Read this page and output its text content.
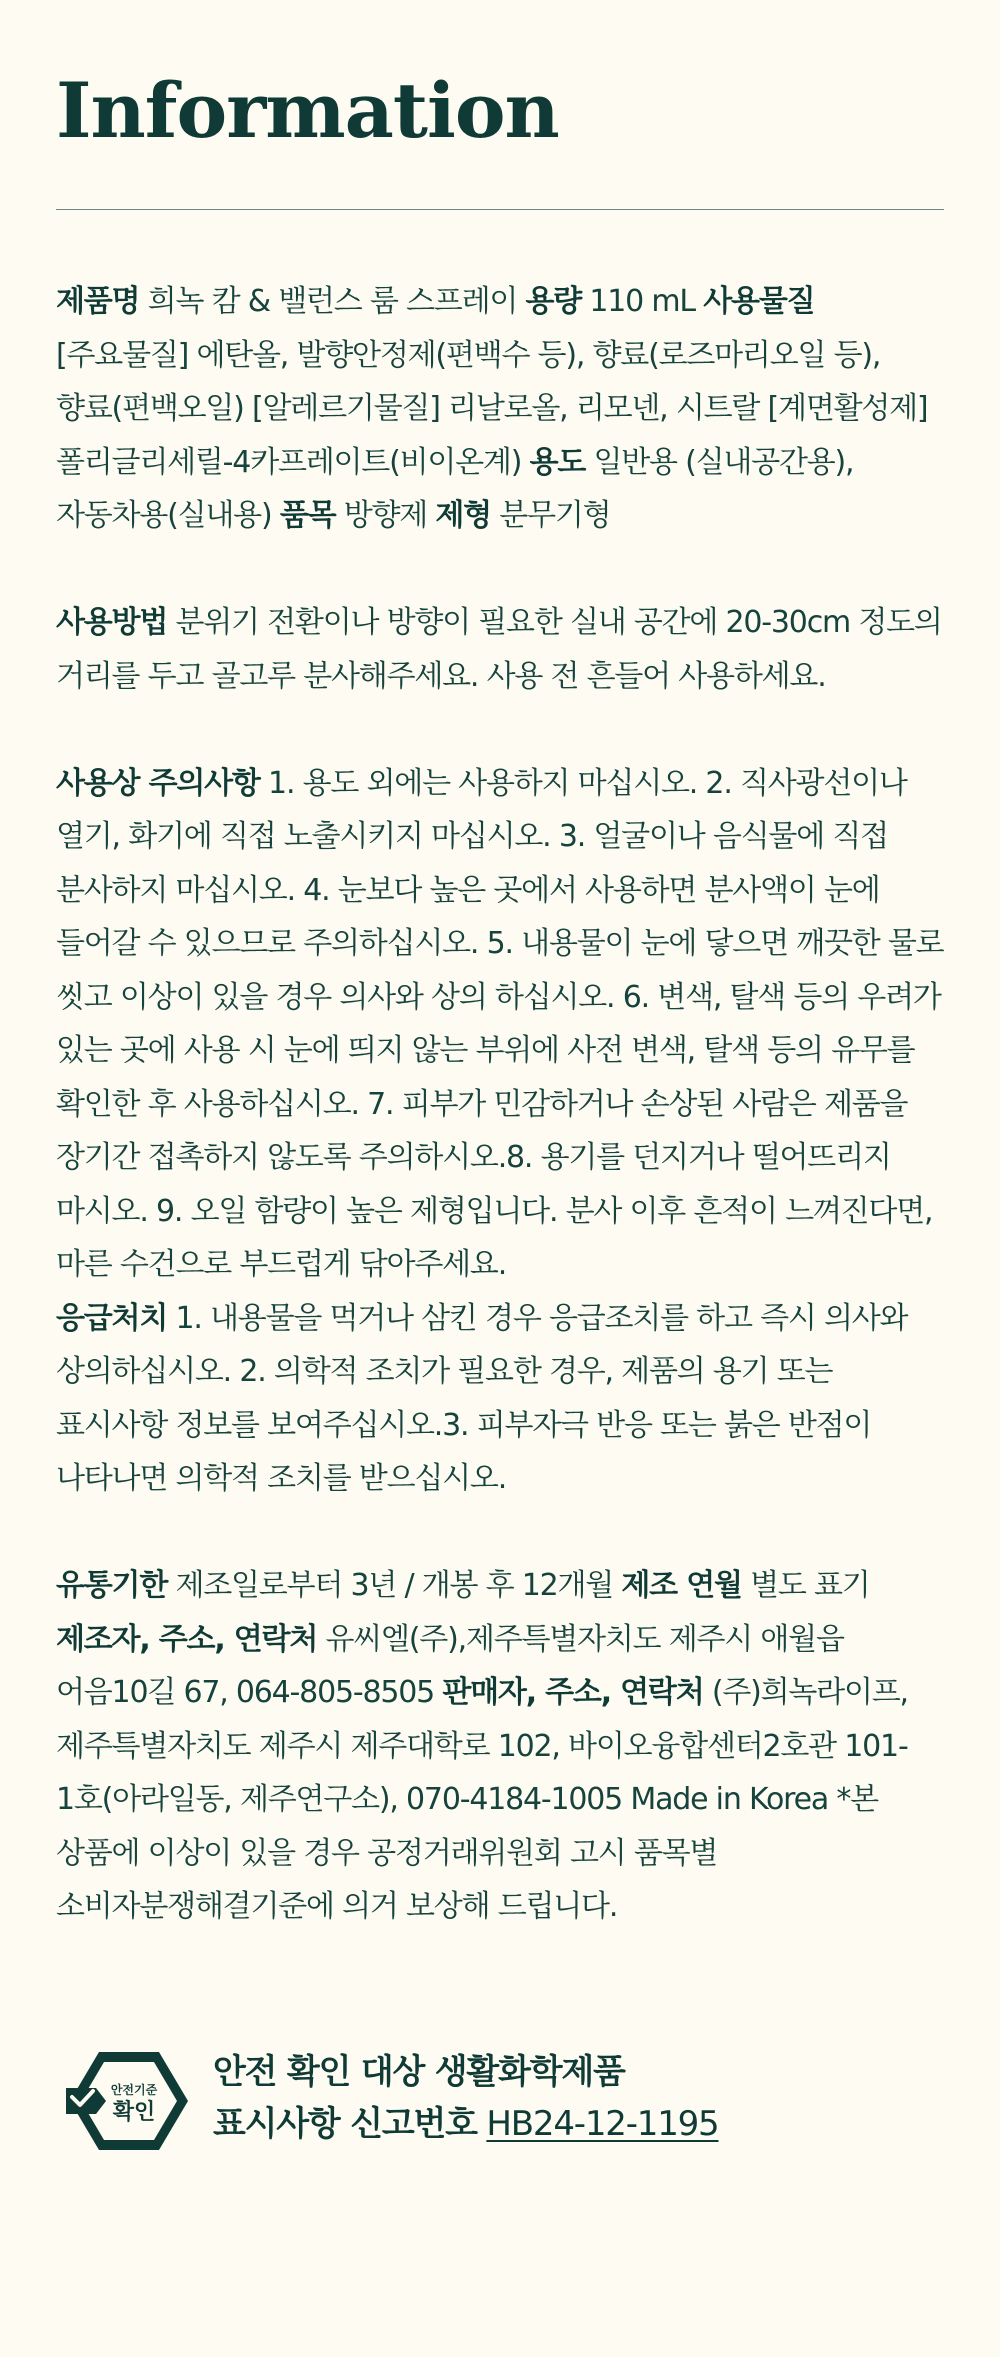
Information

제품명 희녹 캄 & 밸런스 룸 스프레이 용량 110 mL 사용물질 [주요물질] 에탄올, 발향안정제(편백수 등), 향료(로즈마리오일 등), 향료(편백오일) [알레르기물질] 리날로올, 리모넨, 시트랄 [계면활성제] 폴리글리세릴-4카프레이트(비이온계) 용도 일반용 (실내공간용), 자동차용(실내용) 품목 방향제 제형 분무기형

사용방법 분위기 전환이나 방향이 필요한 실내 공간에 20-30cm 정도의 거리를 두고 골고루 분사해주세요. 사용 전 흔들어 사용하세요.

사용상 주의사항 1. 용도 외에는 사용하지 마십시오. 2. 직사광선이나 열기, 화기에 직접 노출시키지 마십시오. 3. 얼굴이나 음식물에 직접 분사하지 마십시오. 4. 눈보다 높은 곳에서 사용하면 분사액이 눈에 들어갈 수 있으므로 주의하십시오. 5. 내용물이 눈에 닿으면 깨끗한 물로 씻고 이상이 있을 경우 의사와 상의 하십시오. 6. 변색, 탈색 등의 우려가 있는 곳에 사용 시 눈에 띄지 않는 부위에 사전 변색, 탈색 등의 유무를 확인한 후 사용하십시오. 7. 피부가 민감하거나 손상된 사람은 제품을 장기간 접촉하지 않도록 주의하시오.8. 용기를 던지거나 떨어뜨리지 마시오. 9. 오일 함량이 높은 제형입니다. 분사 이후 흔적이 느껴진다면, 마른 수건으로 부드럽게 닦아주세요.

응급처치 1. 내용물을 먹거나 삼킨 경우 응급조치를 하고 즉시 의사와 상의하십시오. 2. 의학적 조치가 필요한 경우, 제품의 용기 또는 표시사항 정보를 보여주십시오.3. 피부자극 반응 또는 붉은 반점이 나타나면 의학적 조치를 받으십시오.

유통기한 제조일로부터 3년 / 개봉 후 12개월 제조 연월 별도 표기 제조자, 주소, 연락처 유씨엘(주),제주특별자치도 제주시 애월읍 어음10길 67, 064-805-8505 판매자, 주소, 연락처 (주)희녹라이프, 제주특별자치도 제주시 제주대학로 102, 바이오융합센터2호관 101-1호(아라일동, 제주연구소), 070-4184-1005 Made in Korea *본 상품에 이상이 있을 경우 공정거래위원회 고시 품목별 소비자분쟁해결기준에 의거 보상해 드립니다.

안전기준
확인
안전 확인 대상 생활화학제품
표시사항 신고번호 HB24-12-1195
